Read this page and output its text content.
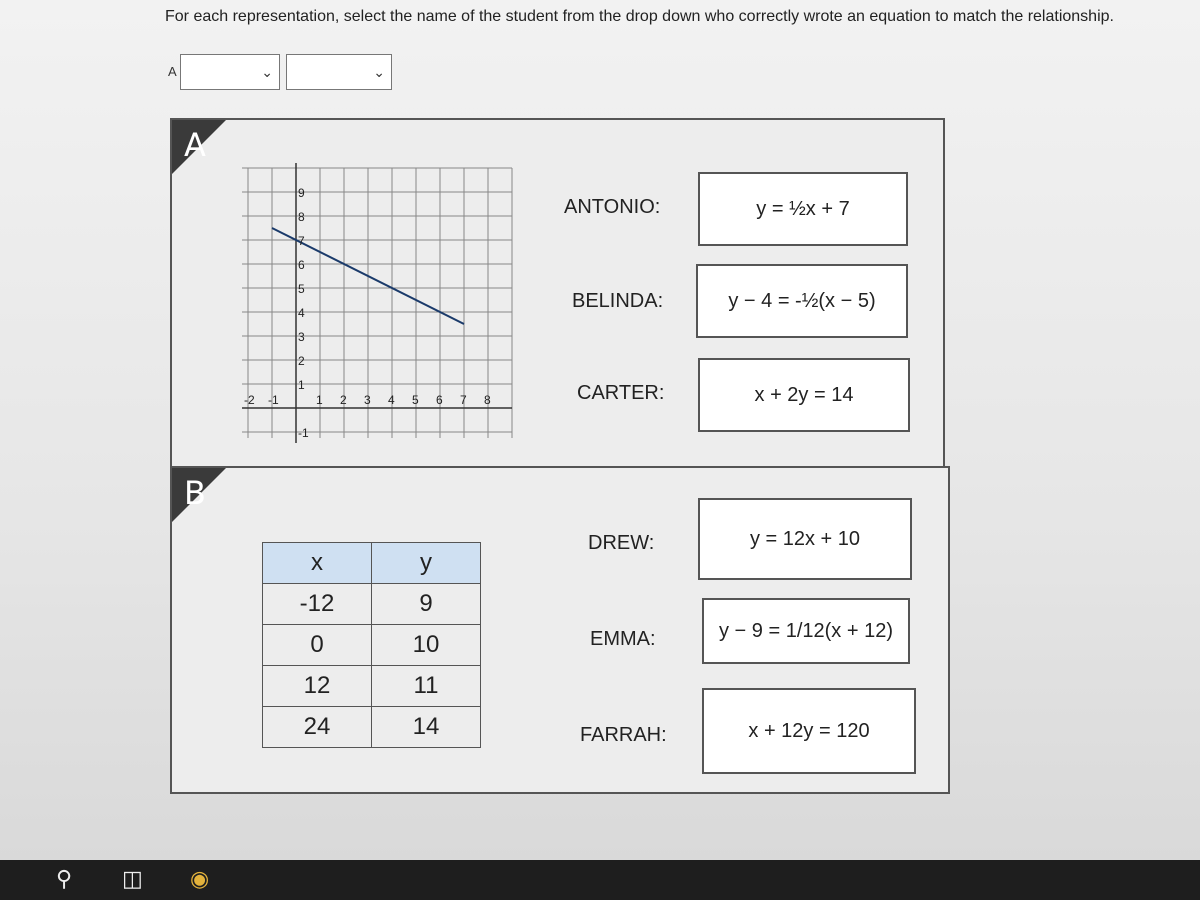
For each representation, select the name of the student from the drop down who correctly wrote an equation to match the relationship.
A	⌄	⌄
A
-2 -1	1 2 3 4 5 6 7 8
9
8
7
6
5
4
3
2
1
-1
ANTONIO:	y = ½x + 7
BELINDA:	y − 4 = -½(x − 5)
CARTER:	x + 2y = 14
B
DREW:	y = 12x + 10
EMMA:	y − 9 = 1/12(x + 12)
FARRAH:	x + 12y = 120
x	y
-12	9
0	10
12	11
24	14
⚲ ◫ ◉
